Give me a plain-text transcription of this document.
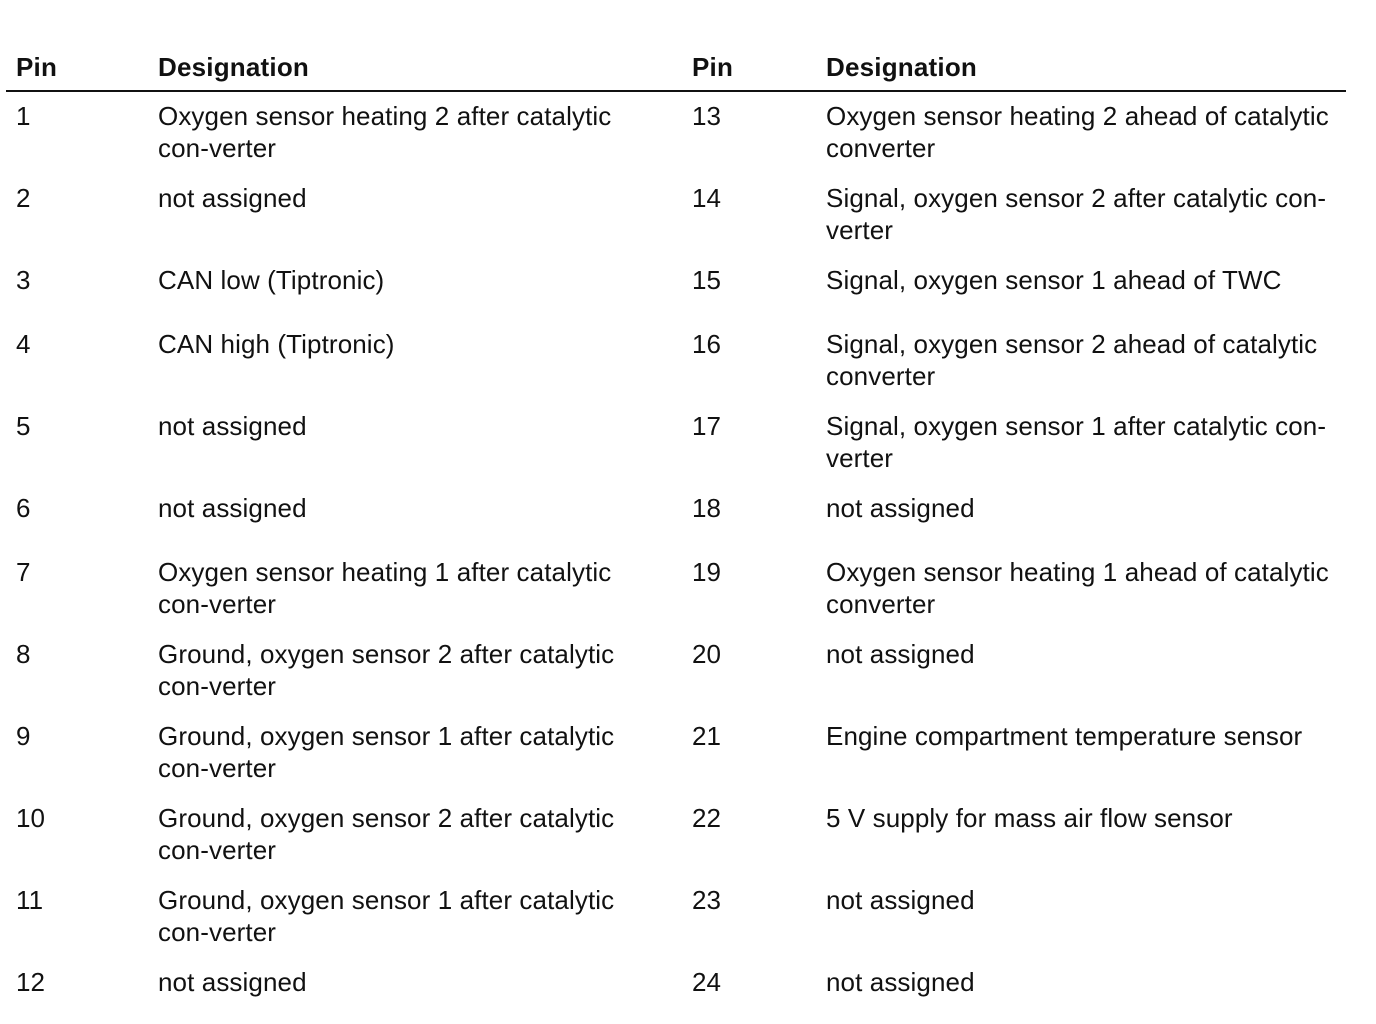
Pin	Designation	Pin	Designation
1	Oxygen sensor heating 2 after catalytic con-verter	13	Oxygen sensor heating 2 ahead of catalytic converter
2	not assigned	14	Signal, oxygen sensor 2 after catalytic con-verter
3	CAN low (Tiptronic)	15	Signal, oxygen sensor 1 ahead of TWC
4	CAN high (Tiptronic)	16	Signal, oxygen sensor 2 ahead of catalytic converter
5	not assigned	17	Signal, oxygen sensor 1 after catalytic con-verter
6	not assigned	18	not assigned
7	Oxygen sensor heating 1 after catalytic con-verter	19	Oxygen sensor heating 1 ahead of catalytic converter
8	Ground, oxygen sensor 2 after catalytic con-verter	20	not assigned
9	Ground, oxygen sensor 1 after catalytic con-verter	21	Engine compartment temperature sensor
10	Ground, oxygen sensor 2 after catalytic con-verter	22	5 V supply for mass air flow sensor
11	Ground, oxygen sensor 1 after catalytic con-verter	23	not assigned
12	not assigned	24	not assigned
